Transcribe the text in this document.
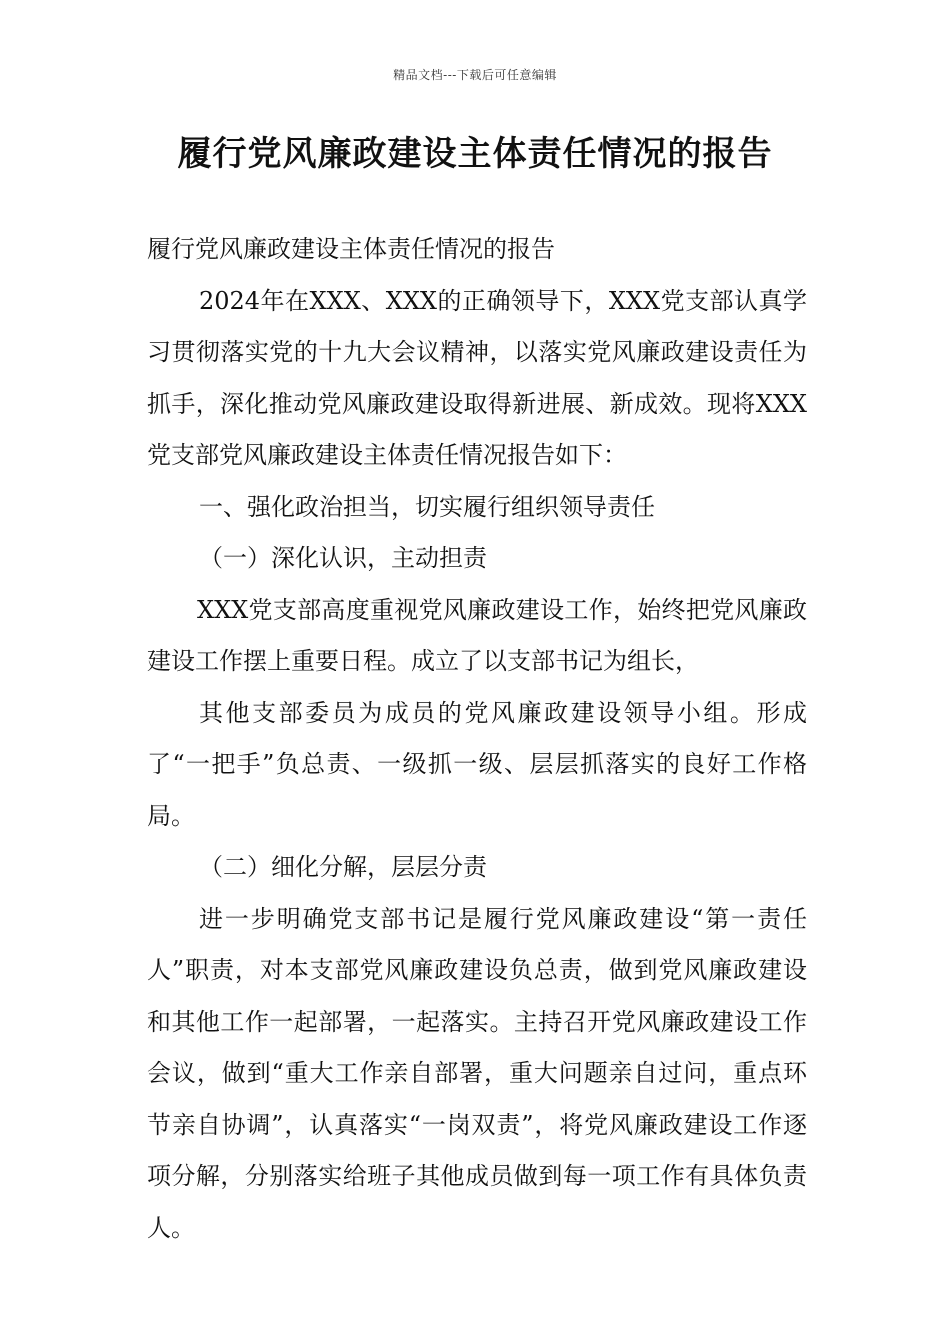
精品文档---下载后可任意编辑
履行党风廉政建设主体责任情况的报告

履行党风廉政建设主体责任情况的报告

2024年在XXX、XXX的正确领导下，XXX党支部认真学习贯彻落实党的十九大会议精神，以落实党风廉政建设责任为抓手，深化推动党风廉政建设取得新进展、新成效。现将XXX党支部党风廉政建设主体责任情况报告如下：

一、强化政治担当，切实履行组织领导责任

（一）深化认识，主动担责

XXX党支部高度重视党风廉政建设工作，始终把党风廉政建设工作摆上重要日程。成立了以支部书记为组长，

其他支部委员为成员的党风廉政建设领导小组。形成了“一把手”负总责、一级抓一级、层层抓落实的良好工作格局。

（二）细化分解，层层分责

进一步明确党支部书记是履行党风廉政建设“第一责任人”职责，对本支部党风廉政建设负总责，做到党风廉政建设和其他工作一起部署，一起落实。主持召开党风廉政建设工作会议，做到“重大工作亲自部署，重大问题亲自过问，重点环节亲自协调”，认真落实“一岗双责”，将党风廉政建设工作逐项分解，分别落实给班子其他成员做到每一项工作有具体负责人。
